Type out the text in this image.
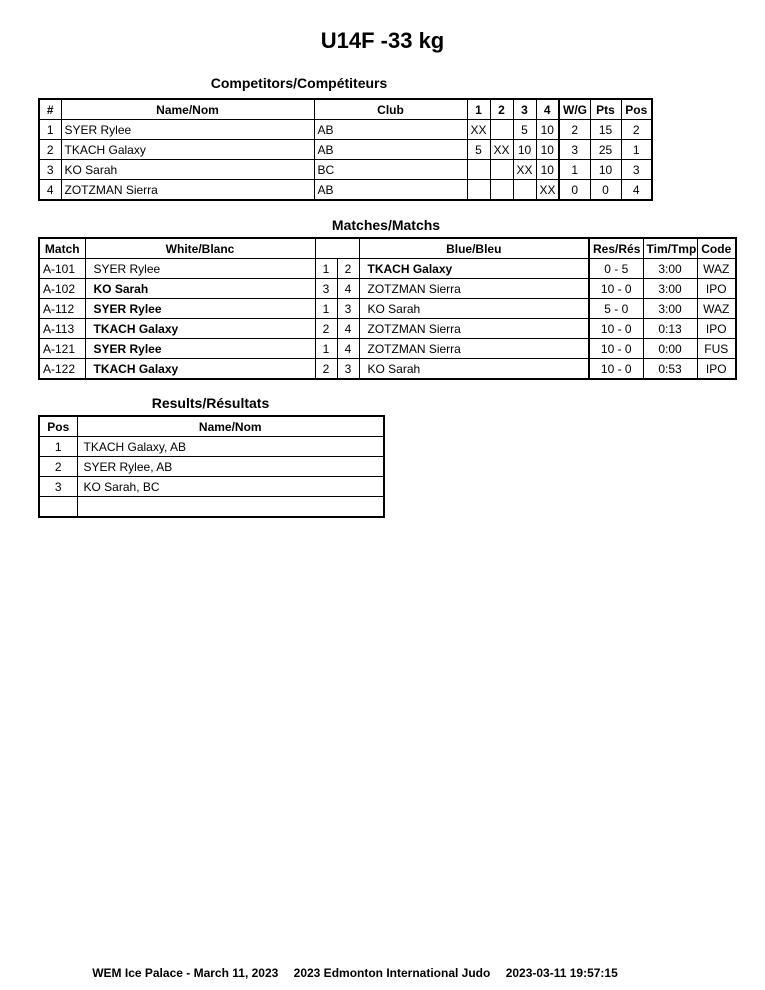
U14F -33 kg
Competitors/Compétiteurs
#	Name/Nom	Club	1	2	3	4	W/G	Pts	Pos
1	SYER Rylee	AB	XX		5	10	2	15	2
2	TKACH Galaxy	AB	5	XX	10	10	3	25	1
3	KO Sarah	BC			XX	10	1	10	3
4	ZOTZMAN Sierra	AB				XX	0	0	4
Matches/Matchs
Match	White/Blanc			Blue/Bleu	Res/Rés	Tim/Tmp	Code
A-101	SYER Rylee	1	2	TKACH Galaxy	0 - 5	3:00	WAZ
A-102	KO Sarah	3	4	ZOTZMAN Sierra	10 - 0	3:00	IPO
A-112	SYER Rylee	1	3	KO Sarah	5 - 0	3:00	WAZ
A-113	TKACH Galaxy	2	4	ZOTZMAN Sierra	10 - 0	0:13	IPO
A-121	SYER Rylee	1	4	ZOTZMAN Sierra	10 - 0	0:00	FUS
A-122	TKACH Galaxy	2	3	KO Sarah	10 - 0	0:53	IPO
Results/Résultats
Pos	Name/Nom
1	TKACH Galaxy, AB
2	SYER Rylee, AB
3	KO Sarah, BC

WEM Ice Palace - March 11, 2023 2023 Edmonton International Judo 2023-03-11 19:57:15
